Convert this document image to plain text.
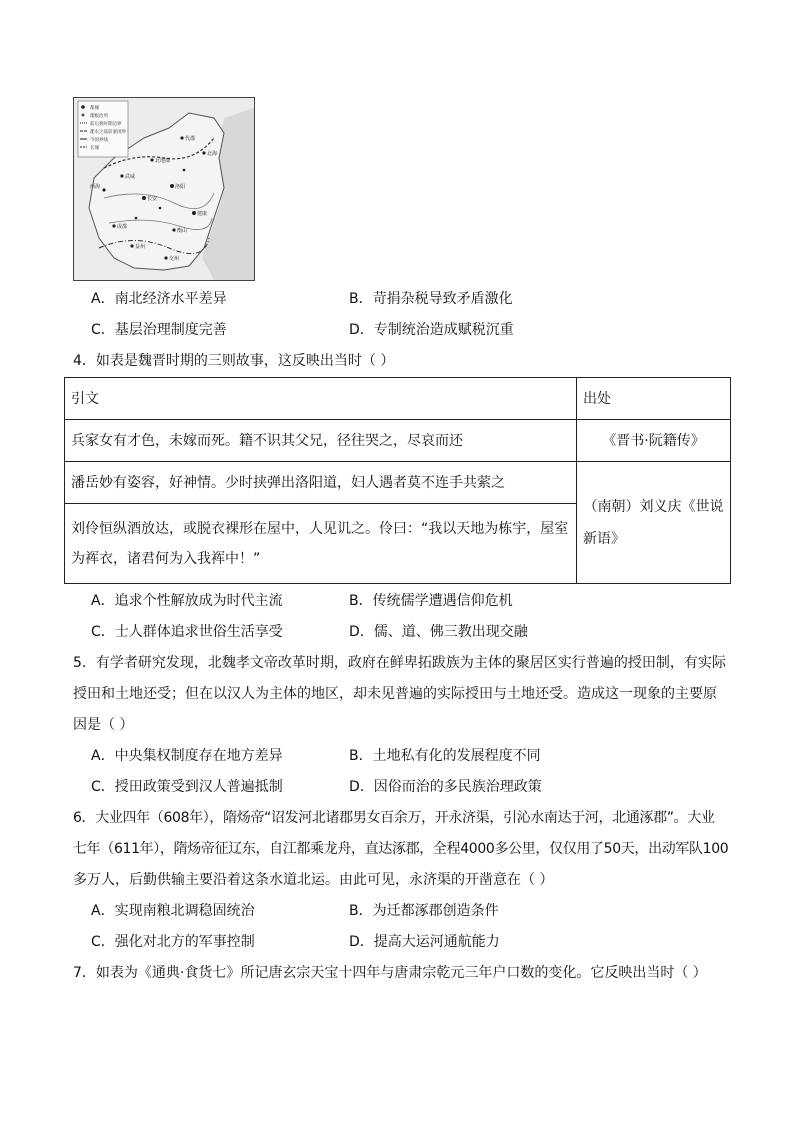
都城
郡级治所
前后燕时期边界
淝水之战前秦国界
今国界线
长城
代郡
北地郡
北海
长安
洛阳
建康
成都
武威
西海
益州
交州
衡山
A．南北经济水平差异	B．苛捐杂税导致矛盾激化
C．基层治理制度完善	D．专制统治造成赋税沉重
4．如表是魏晋时期的三则故事，这反映出当时（ ）
引文	出处
兵家女有才色，未嫁而死。籍不识其父兄，径往哭之，尽哀而还	《晋书·阮籍传》
潘岳妙有姿容，好神情。少时挟弹出洛阳道，妇人遇者莫不连手共萦之	（南朝）刘义庆《世说
新语》

刘伶恒纵酒放达，或脱衣裸形在屋中，人见讥之。伶曰：“我以天地为栋宇，屋室
为裈衣，诸君何为入我裈中！”	
A．追求个性解放成为时代主流	B．传统儒学遭遇信仰危机
C．士人群体追求世俗生活享受	D．儒、道、佛三教出现交融
5．有学者研究发现，北魏孝文帝改革时期，政府在鲜卑拓跋族为主体的聚居区实行普遍的授田制，有实际
授田和土地还受；但在以汉人为主体的地区，却未见普遍的实际授田与土地还受。造成这一现象的主要原
因是（ ）
A．中央集权制度存在地方差异	B．土地私有化的发展程度不同
C．授田政策受到汉人普遍抵制	D．因俗而治的多民族治理政策
6．大业四年（608年），隋炀帝“诏发河北诸郡男女百余万，开永济渠，引沁水南达于河，北通涿郡”。大业
七年（611年），隋炀帝征辽东，自江都乘龙舟，直达涿郡，全程4000多公里，仅仅用了50天，出动军队100
多万人，后勤供输主要沿着这条水道北运。由此可见，永济渠的开凿意在（ ）
A．实现南粮北调稳固统治	B．为迁都涿郡创造条件
C．强化对北方的军事控制	D．提高大运河通航能力
7．如表为《通典·食货七》所记唐玄宗天宝十四年与唐肃宗乾元三年户口数的变化。它反映出当时（ ）
